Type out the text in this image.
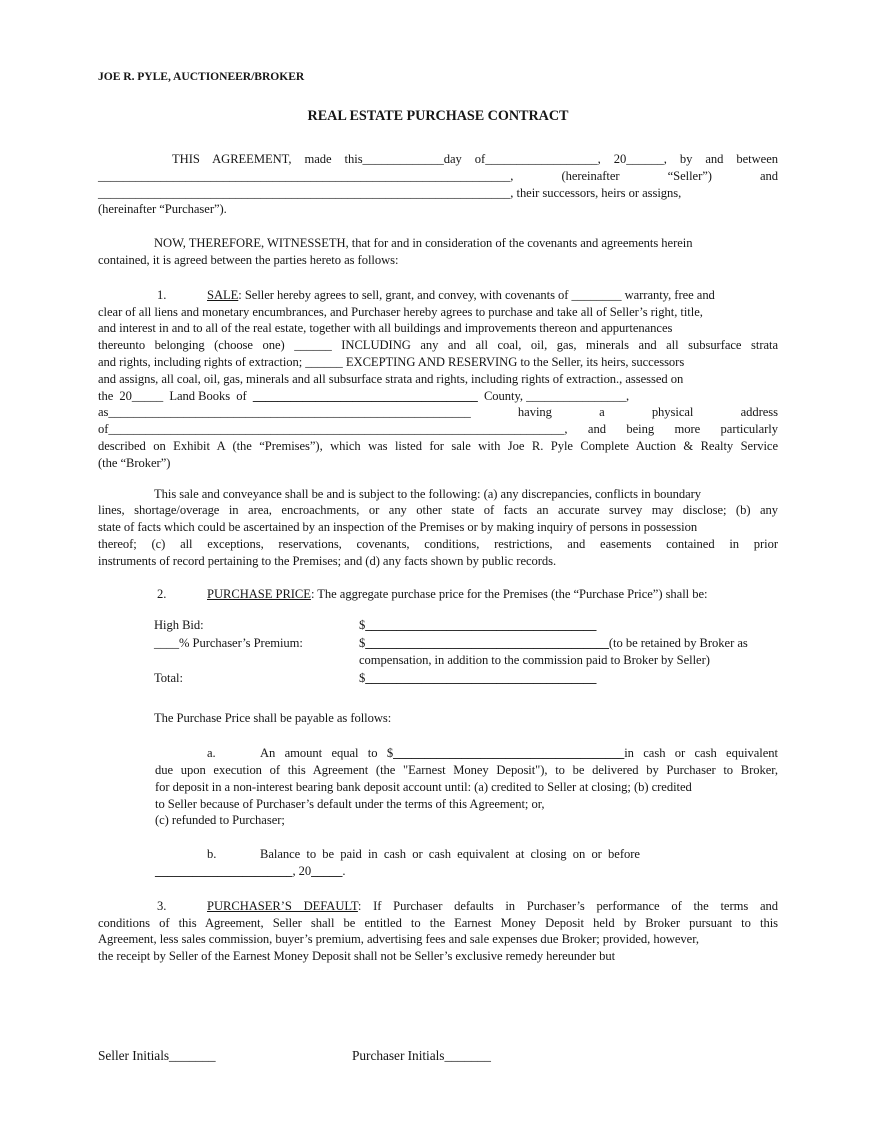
JOE R. PYLE, AUCTIONEER/BROKER
REAL ESTATE PURCHASE CONTRACT
THIS AGREEMENT, made this_____________day of__________________, 20______, by and between
__________________________________________________________________, (hereinafter “Seller”) and
__________________________________________________________________, their successors, heirs or assigns,
(hereinafter “Purchaser”).
NOW, THEREFORE, WITNESSETH, that for and in consideration of the covenants and agreements herein
contained, it is agreed between the parties hereto as follows:
1.	SALE: Seller hereby agrees to sell, grant, and convey, with covenants of ________ warranty, free and
clear of all liens and monetary encumbrances, and Purchaser hereby agrees to purchase and take all of Seller’s right, title,
and interest in and to all of the real estate, together with all buildings and improvements thereon and appurtenances
thereunto belonging (choose one) ______ INCLUDING any and all coal, oil, gas, minerals and all subsurface strata
and rights, including rights of extraction; ______ EXCEPTING AND RESERVING to the Seller, its heirs, successors
and assigns, all coal, oil, gas, minerals and all subsurface strata and rights, including rights of extraction., assessed on
the  20_____  Land Books  of  ____________________________________  County, ________________,
as__________________________________________________________ having a physical address
of_________________________________________________________________________, and being more particularly
described on Exhibit A (the “Premises”), which was listed for sale with Joe R. Pyle Complete Auction & Realty Service
(the “Broker”)
This sale and conveyance shall be and is subject to the following: (a) any discrepancies, conflicts in boundary
lines, shortage/overage in area, encroachments, or any other state of facts an accurate survey may disclose; (b) any
state of facts which could be ascertained by an inspection of the Premises or by making inquiry of persons in possession
thereof; (c) all exceptions, reservations, covenants, conditions, restrictions, and easements contained in prior
instruments of record pertaining to the Premises; and (d) any facts shown by public records.
2.	PURCHASE PRICE: The aggregate purchase price for the Premises (the “Purchase Price”) shall be:
High Bid:	$_____________________________________
____% Purchaser’s Premium:	$_______________________________________(to be retained by Broker as
compensation, in addition to the commission paid to Broker by Seller)
Total:	$_____________________________________
The Purchase Price shall be payable as follows:
a.	An amount equal to $_____________________________________in cash or cash equivalent
due upon execution of this Agreement (the "Earnest Money Deposit"), to be delivered by Purchaser to Broker,
for deposit in a non-interest bearing bank deposit account until: (a) credited to Seller at closing; (b) credited
to Seller because of Purchaser’s default under the terms of this Agreement; or,
(c) refunded to Purchaser;
b.	Balance  to  be  paid  in  cash  or  cash  equivalent  at  closing  on  or  before
______________________, 20_____.
3.	PURCHASER’S DEFAULT: If Purchaser defaults in Purchaser’s performance of the terms and
conditions of this Agreement, Seller shall be entitled to the Earnest Money Deposit held by Broker pursuant to this
Agreement, less sales commission, buyer’s premium, advertising fees and sale expenses due Broker; provided, however,
the receipt by Seller of the Earnest Money Deposit shall not be Seller’s exclusive remedy hereunder but
Seller Initials_______	Purchaser Initials_______
